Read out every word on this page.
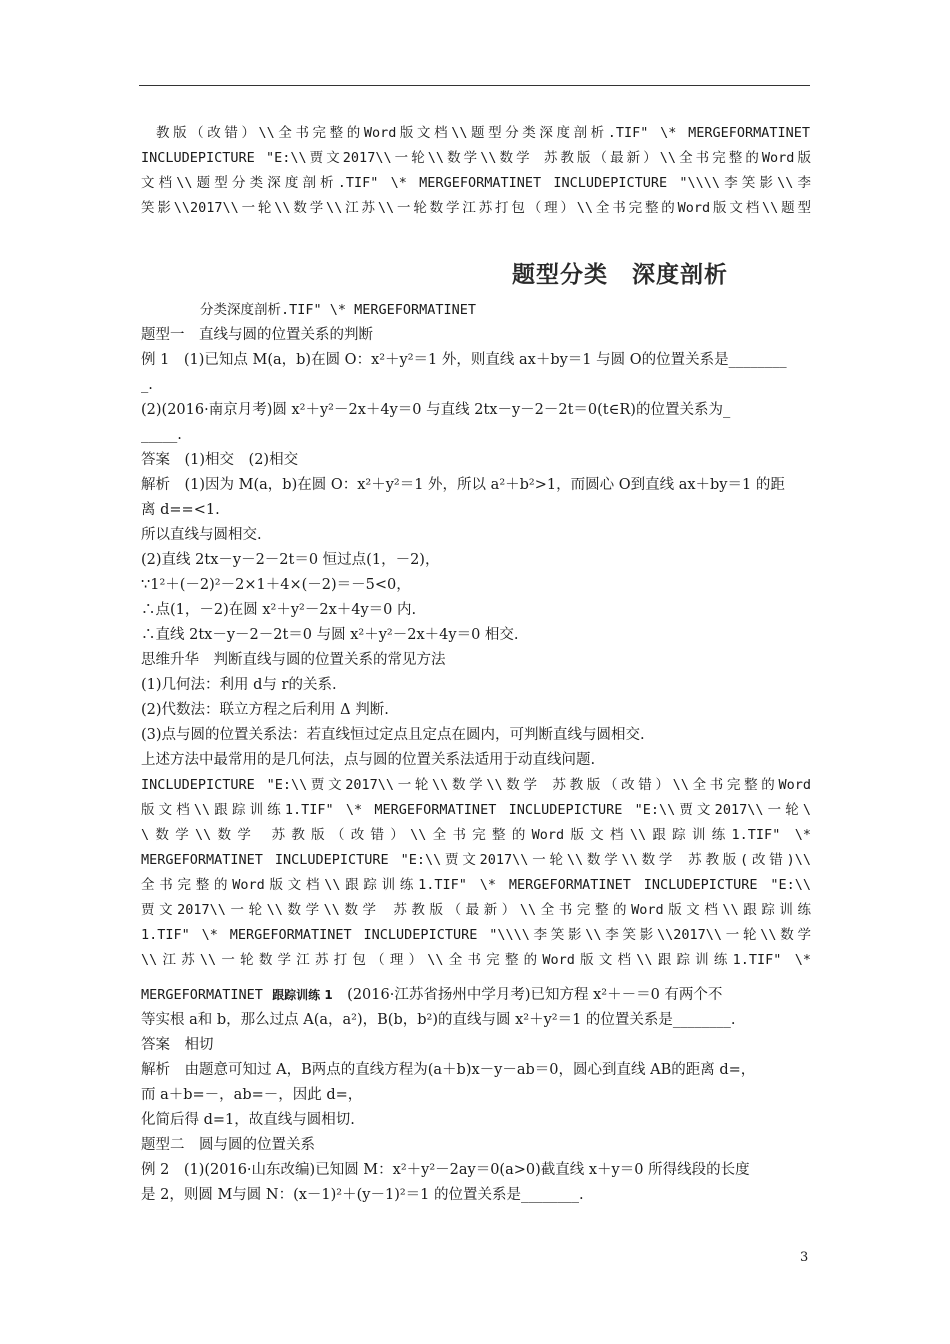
教版（改错）\\全书完整的Word版文档\\题型分类深度剖析.TIF" \* MERGEFORMATINET
INCLUDEPICTURE "E:\\贾文2017\\一轮\\数学\\数学 苏教版（最新）\\全书完整的Word版
文档\\题型分类深度剖析.TIF" \* MERGEFORMATINET INCLUDEPICTURE "\\\\李笑影\\李
笑影\\2017\\一轮\\数学\\江苏\\一轮数学江苏打包（理）\\全书完整的Word版文档\\题型
题型分类　深度剖析
分类深度剖析.TIF" \* MERGEFORMATINET
题型一　直线与圆的位置关系的判断
例 1　(1)已知点 M(a，b)在圆 O：x²＋y²＝1 外，则直线 ax＋by＝1 与圆 O的位置关系是________
_.
(2)(2016·南京月考)圆 x²＋y²－2x＋4y＝0 与直线 2tx－y－2－2t＝0(t∈R)的位置关系为_
_____.
答案　(1)相交　(2)相交
解析　(1)因为 M(a，b)在圆 O：x²＋y²＝1 外，所以 a²＋b²>1，而圆心 O到直线 ax＋by＝1 的距
离 d==<1.
所以直线与圆相交.
(2)直线 2tx－y－2－2t＝0 恒过点(1，－2)，
∵1²＋(－2)²－2×1＋4×(－2)＝－5<0，
∴点(1，－2)在圆 x²＋y²－2x＋4y＝0 内.
∴直线 2tx－y－2－2t＝0 与圆 x²＋y²－2x＋4y＝0 相交.
思维升华　判断直线与圆的位置关系的常见方法
(1)几何法：利用 d与 r的关系.
(2)代数法：联立方程之后利用 Δ 判断.
(3)点与圆的位置关系法：若直线恒过定点且定点在圆内，可判断直线与圆相交.
上述方法中最常用的是几何法，点与圆的位置关系法适用于动直线问题.
INCLUDEPICTURE "E:\\贾文2017\\一轮\\数学\\数学 苏教版（改错）\\全书完整的Word
版文档\\跟踪训练1.TIF" \* MERGEFORMATINET INCLUDEPICTURE "E:\\贾文2017\\一轮\
\数学\\数学 苏教版（改错）\\全书完整的Word版文档\\跟踪训练1.TIF" \*
MERGEFORMATINET INCLUDEPICTURE "E:\\贾文2017\\一轮\\数学\\数学 苏教版(改错)\\
全书完整的Word版文档\\跟踪训练1.TIF" \* MERGEFORMATINET INCLUDEPICTURE "E:\\
贾文2017\\一轮\\数学\\数学 苏教版（最新）\\全书完整的Word版文档\\跟踪训练
1.TIF" \* MERGEFORMATINET INCLUDEPICTURE "\\\\李笑影\\李笑影\\2017\\一轮\\数学
\\江苏\\一轮数学江苏打包（理）\\全书完整的Word版文档\\跟踪训练1.TIF" \*
MERGEFORMATINET 跟踪训练 1　(2016·江苏省扬州中学月考)已知方程 x²＋－＝0 有两个不
等实根 a和 b，那么过点 A(a，a²)，B(b，b²)的直线与圆 x²＋y²＝1 的位置关系是________.
答案　相切
解析　由题意可知过 A，B两点的直线方程为(a＋b)x－y－ab＝0，圆心到直线 AB的距离 d=，
而 a＋b=－，ab=－，因此 d=，
化简后得 d=1，故直线与圆相切.
题型二　圆与圆的位置关系
例 2　(1)(2016·山东改编)已知圆 M：x²＋y²－2ay＝0(a>0)截直线 x＋y＝0 所得线段的长度
是 2，则圆 M与圆 N：(x－1)²＋(y－1)²＝1 的位置关系是________.
3
